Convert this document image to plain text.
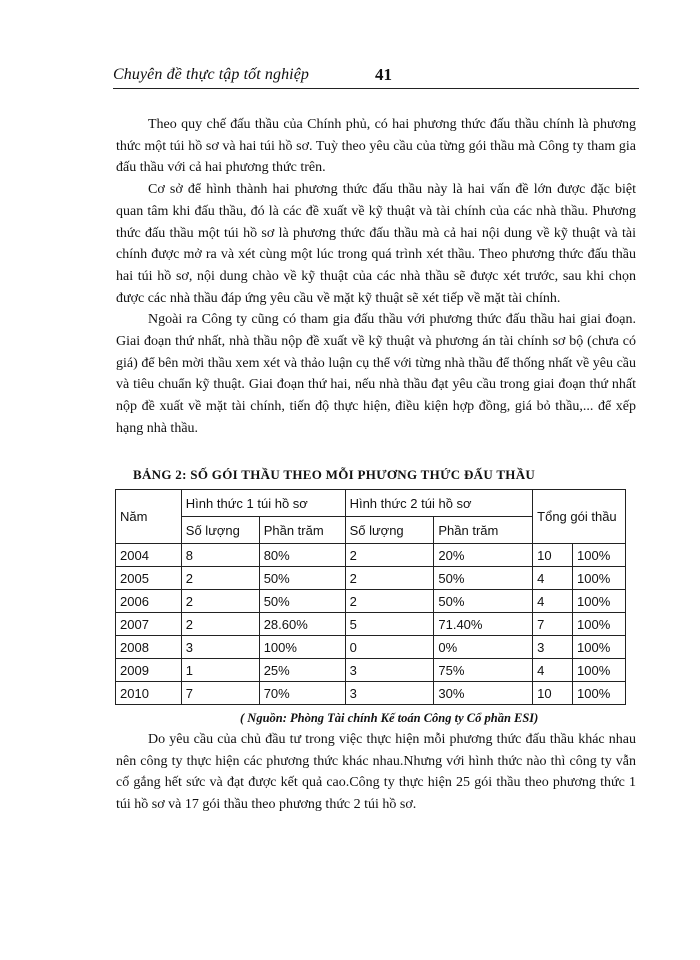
Chuyên đề thực tập tốt nghiệp	41

Theo quy chế đấu thầu của Chính phủ, có hai phương thức đấu thầu chính là phương thức một túi hồ sơ và hai túi hồ sơ. Tuỳ theo yêu cầu của từng gói thầu mà Công ty tham gia đấu thầu với cả hai phương thức trên.

Cơ sở để hình thành hai phương thức đấu thầu này là hai vấn đề lớn được đặc biệt quan tâm khi đấu thầu, đó là các đề xuất về kỹ thuật và tài chính của các nhà thầu. Phương thức đấu thầu một túi hồ sơ là phương thức đấu thầu mà cả hai nội dung về kỹ thuật và tài chính được mở ra và xét cùng một lúc trong quá trình xét thầu. Theo phương thức đấu thầu hai túi hồ sơ, nội dung chào về kỹ thuật của các nhà thầu sẽ được xét trước, sau khi chọn được các nhà thầu đáp ứng yêu cầu về mặt kỹ thuật sẽ xét tiếp về mặt tài chính.

Ngoài ra Công ty cũng có tham gia đấu thầu với phương thức đấu thầu hai giai đoạn. Giai đoạn thứ nhất, nhà thầu nộp đề xuất về kỹ thuật và phương án tài chính sơ bộ (chưa có giá) để bên mời thầu xem xét và thảo luận cụ thể với từng nhà thầu để thống nhất về yêu cầu và tiêu chuẩn kỹ thuật. Giai đoạn thứ hai, nếu nhà thầu đạt yêu cầu trong giai đoạn thứ nhất nộp đề xuất về mặt tài chính, tiến độ thực hiện, điều kiện hợp đồng, giá bỏ thầu,... để xếp hạng nhà thầu.

BẢNG 2: SỐ GÓI THẦU THEO MỖI PHƯƠNG THỨC ĐẤU THẦU
Năm	Hình thức 1 túi hồ sơ		Hình thức 2 túi hồ sơ		Tổng gói thầu	
	Số lượng	Phần trăm	Số lượng	Phần trăm		
2004	8	80%	2	20%	10	100%
2005	2	50%	2	50%	4	100%
2006	2	50%	2	50%	4	100%
2007	2	28.60%	5	71.40%	7	100%
2008	3	100%	0	0%	3	100%
2009	1	25%	3	75%	4	100%
2010	7	70%	3	30%	10	100%
( Nguồn: Phòng Tài chính Kế toán Công ty Cổ phần ESI)

Do yêu cầu của chủ đầu tư trong việc thực hiện mỗi phương thức đấu thầu khác nhau nên công ty thực hiện các phương thức khác nhau.Nhưng với hình thức nào thì công ty vẫn cố gắng hết sức và đạt được kết quả cao.Công ty thực hiện 25 gói thầu theo phương thức 1 túi hồ sơ và 17 gói thầu theo phương thức 2 túi hồ sơ.
